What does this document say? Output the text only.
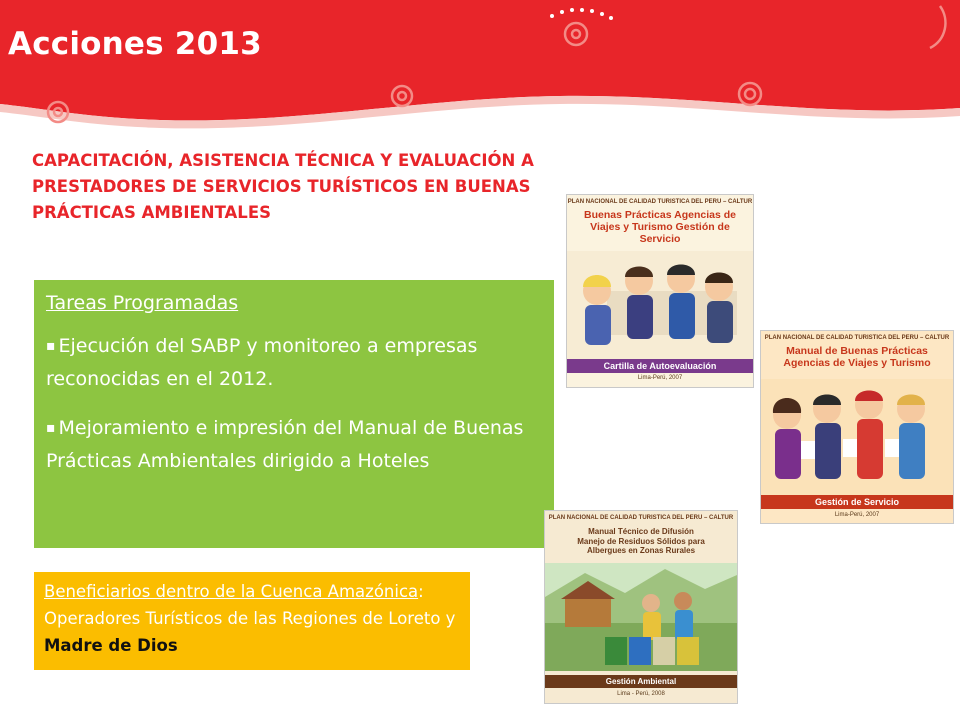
Acciones 2013

CAPACITACIÓN, ASISTENCIA TÉCNICA Y EVALUACIÓN A
PRESTADORES DE SERVICIOS TURÍSTICOS EN BUENAS
PRÁCTICAS AMBIENTALES

Tareas Programadas
▪ Ejecución del SABP y monitoreo a empresas reconocidas en el 2012.
▪ Mejoramiento e impresión del Manual de Buenas Prácticas Ambientales dirigido a Hoteles
Beneficiarios dentro de la Cuenca Amazónica: Operadores Turísticos de las Regiones de Loreto y Madre de Dios
PLAN NACIONAL DE CALIDAD TURISTICA DEL PERU – CALTUR
Buenas Prácticas Agencias de Viajes y Turismo Gestión de Servicio
Cartilla de Autoevaluación
Lima-Perú, 2007
PLAN NACIONAL DE CALIDAD TURISTICA DEL PERU – CALTUR
Manual de Buenas Prácticas Agencias de Viajes y Turismo
Gestión de Servicio
Lima-Perú, 2007
PLAN NACIONAL DE CALIDAD TURISTICA DEL PERU – CALTUR
Manual Técnico de Difusión
Manejo de Residuos Sólidos para Albergues en Zonas Rurales
Gestión Ambiental
Lima - Perú, 2008
